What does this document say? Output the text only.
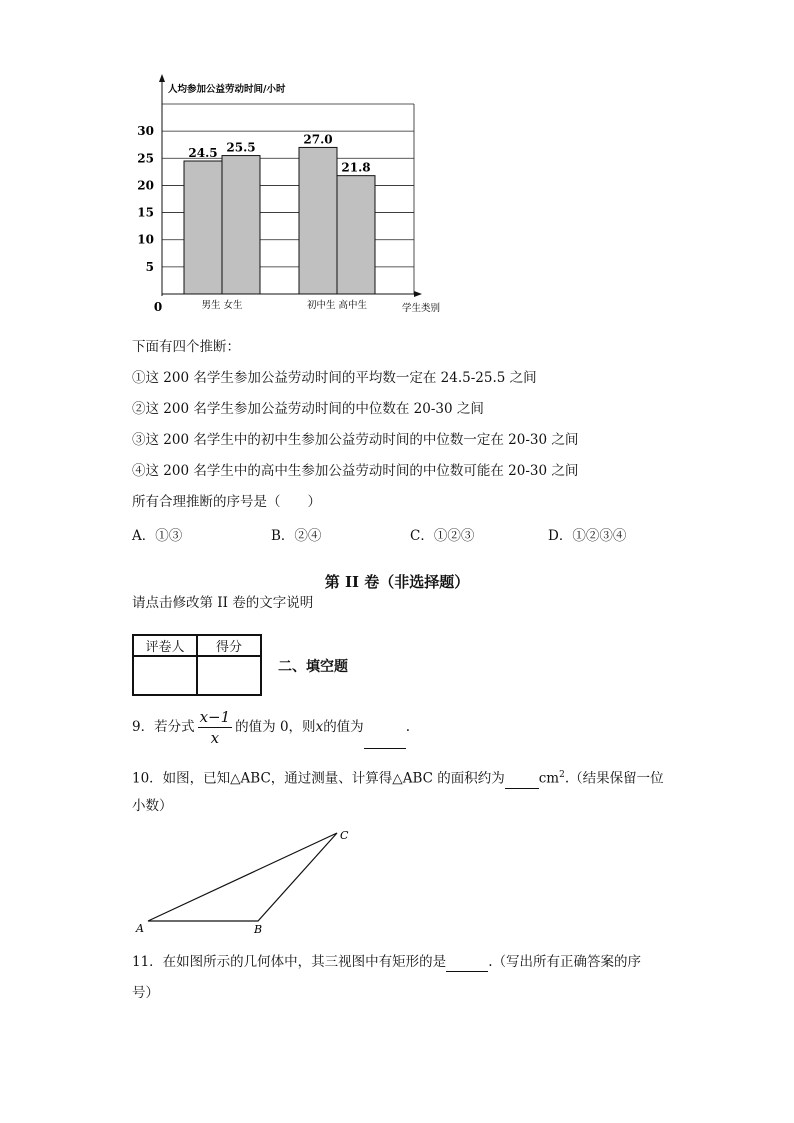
5
10
15
20
25
30
0
人均参加公益劳动时间/小时
24.5 25.5
27.0
21.8
男生 女生	初中生 高中生	学生类别
下面有四个推断：
①这 200 名学生参加公益劳动时间的平均数一定在 24.5-25.5 之间
②这 200 名学生参加公益劳动时间的中位数在 20-30 之间
③这 200 名学生中的初中生参加公益劳动时间的中位数一定在 20-30 之间
④这 200 名学生中的高中生参加公益劳动时间的中位数可能在 20-30 之间
所有合理推断的序号是（　　）
A．①③	B．②④	C．①②③	D．①②③④
第 II 卷（非选择题）
请点击修改第 II 卷的文字说明
评卷人	得分

二、填空题
9．若分式 $\frac{x-1}{x}$ 的值为 0，则x的值为	.
10．如图，已知△ABC，通过测量、计算得△ABC 的面积约为	$cm^2$.（结果保留一位
小数）
A	B
C
11．在如图所示的几何体中，其三视图中有矩形的是	.（写出所有正确答案的序
号）
